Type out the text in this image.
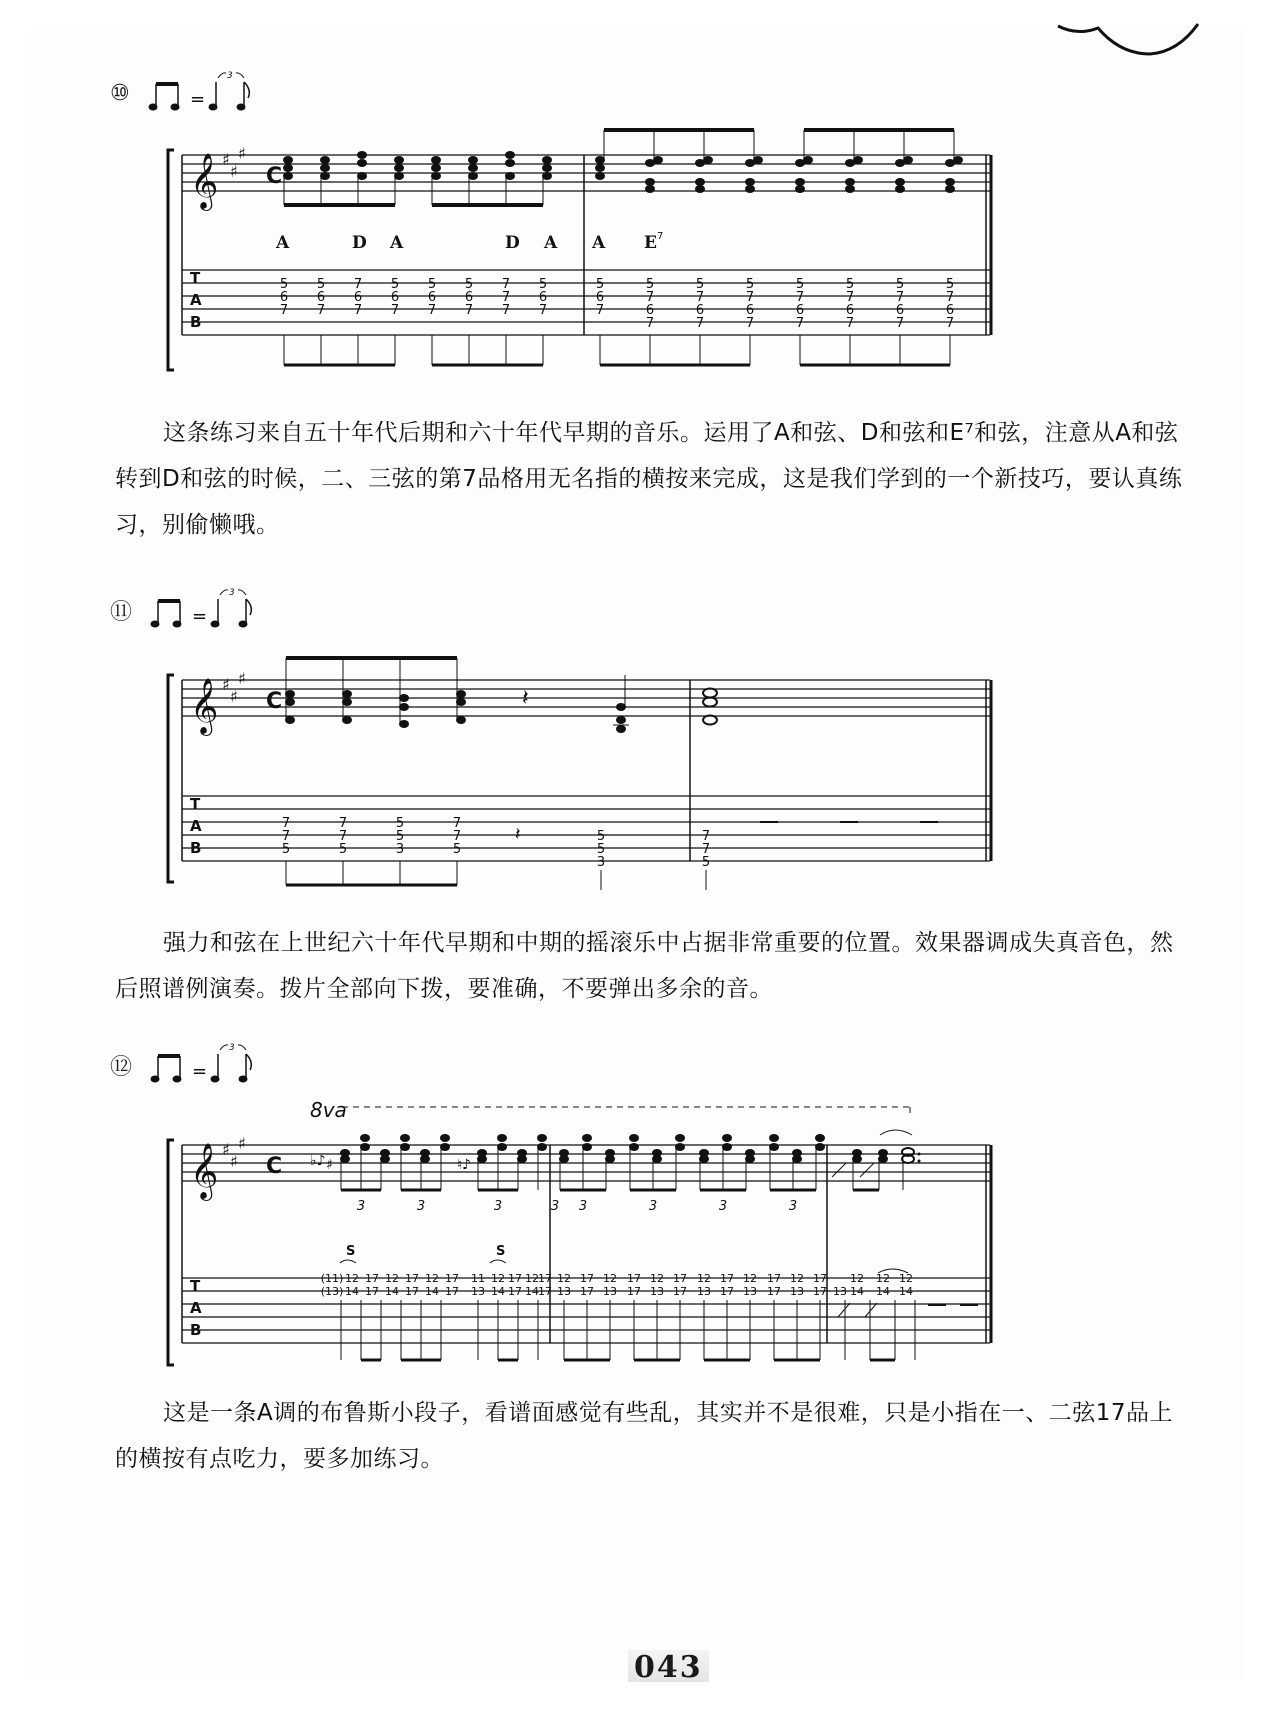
⑩	=
3
𝄞 ♯
♯
♯
C
T
A
B
A	D A	D A A E 7
5
6
7
5
6
7
7
6
7
5
6
7
5
6
7
5
6
7
7
7
7
5
6
7
5
6
7
5
7
6
7
5
7
6
7
5
7
6
7
5
7
6
7
5
7
6
7
5
7
6
7
5
7
6
7

这条练习来自五十年代后期和六十年代早期的音乐。运用了A和弦、D和弦和E⁷和弦，注意从A和弦转到D和弦的时候，二、三弦的第7品格用无名指的横按来完成，这是我们学到的一个新技巧，要认真练习，别偷懒哦。

⑪	=
3
𝄞 ♯
♯
♯
C
T
A
B
𝄽
7
7
5
7
7
5
5
5
3
7
7
5
5
5
3
7
7
5
𝄽

强力和弦在上世纪六十年代早期和中期的摇滚乐中占据非常重要的位置。效果器调成失真音色，然后照谱例演奏。拨片全部向下拨，要准确，不要弹出多余的音。

⑫	=
3
8va
𝄞 ♯
♯
♯
C
T
A
B
♭♪ ♯	♮♪
3	3	3	3 3	3	3	3
S	S
(11)
(13)
12
14
17
17
12
14
17
17
12
14
17
17
11
13
12
14
17
17
12
14
17
17
12
13
17
17
12
13
17
17
12
13
17
17
12
13
17
17
12
13
17
17
12
13
17
17 13
12
14
12
14
12
14

这是一条A调的布鲁斯小段子，看谱面感觉有些乱，其实并不是很难，只是小指在一、二弦17品上的横按有点吃力，要多加练习。

043
